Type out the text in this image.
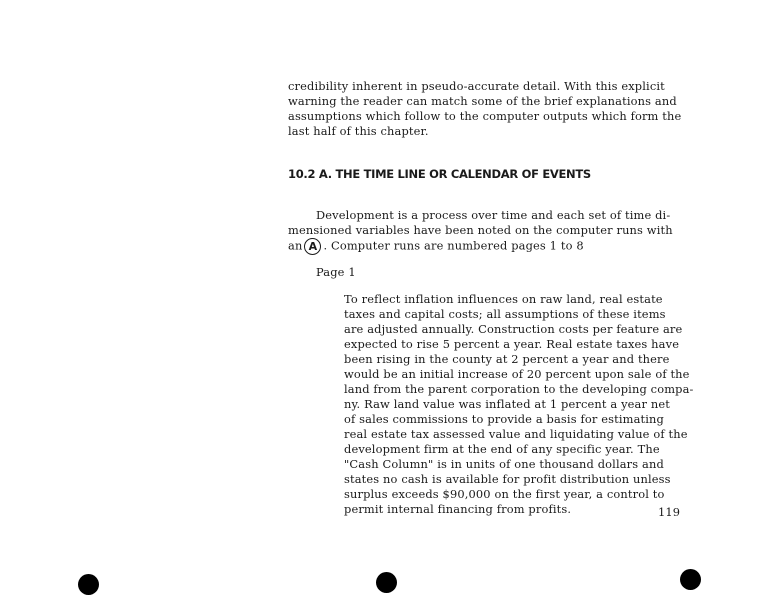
credibility inherent in pseudo-accurate detail. With this explicit
warning the reader can match some of the brief explanations and
assumptions which follow to the computer outputs which form the
last half of this chapter.
10.2 A. THE TIME LINE OR CALENDAR OF EVENTS
Development is a process over time and each set of time di-
mensioned variables have been noted on the computer runs with
an A . Computer runs are numbered pages 1 to 8
Page 1
To reflect inflation influences on raw land, real estate
taxes and capital costs; all assumptions of these items
are adjusted annually. Construction costs per feature are
expected to rise 5 percent a year. Real estate taxes have
been rising in the county at 2 percent a year and there
would be an initial increase of 20 percent upon sale of the
land from the parent corporation to the developing compa-
ny. Raw land value was inflated at 1 percent a year net
of sales commissions to provide a basis for estimating
real estate tax assessed value and liquidating value of the
development firm at the end of any specific year. The
"Cash Column" is in units of one thousand dollars and
states no cash is available for profit distribution unless
surplus exceeds $90,000 on the first year, a control to
permit internal financing from profits.	119
